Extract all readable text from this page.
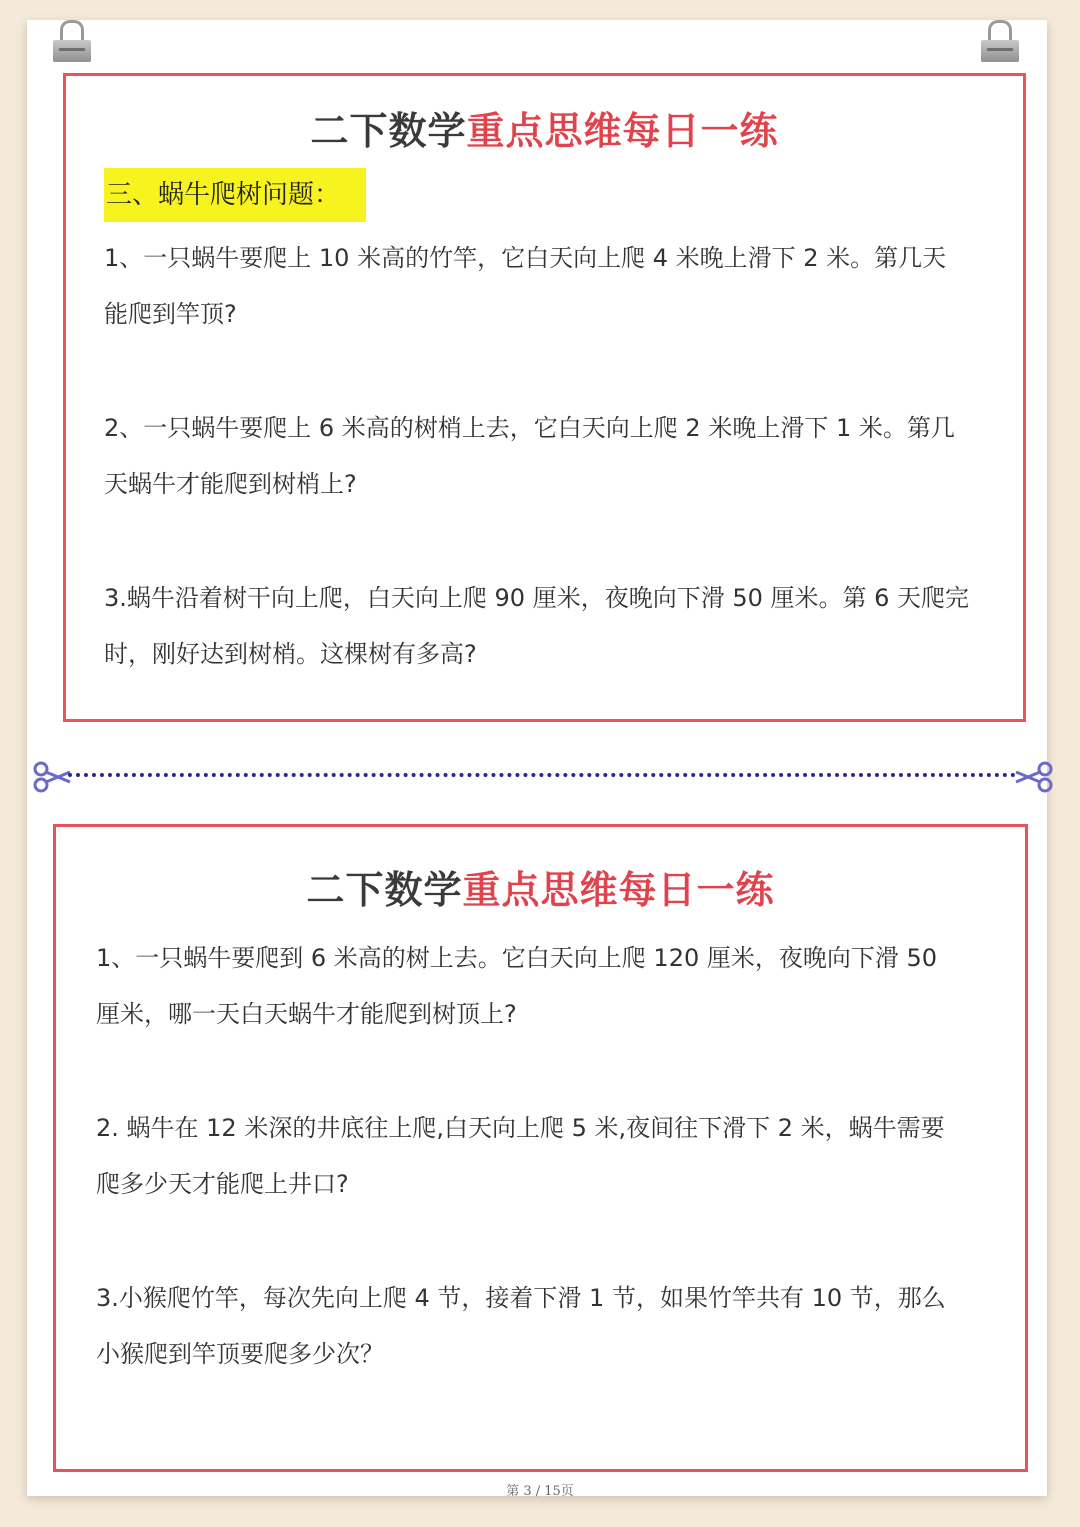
二下数学重点思维每日一练
三、蜗牛爬树问题：

1、一只蜗牛要爬上 10 米高的竹竿，它白天向上爬 4 米晚上滑下 2 米。第几天

能爬到竿顶?

2、一只蜗牛要爬上 6 米高的树梢上去，它白天向上爬 2 米晚上滑下 1 米。第几

天蜗牛才能爬到树梢上?

3.蜗牛沿着树干向上爬，白天向上爬 90 厘米，夜晚向下滑 50 厘米。第 6 天爬完

时，刚好达到树梢。这棵树有多高?

二下数学重点思维每日一练

1、一只蜗牛要爬到 6 米高的树上去。它白天向上爬 120 厘米，夜晚向下滑 50

厘米，哪一天白天蜗牛才能爬到树顶上?

2. 蜗牛在 12 米深的井底往上爬,白天向上爬 5 米,夜间往下滑下 2 米，蜗牛需要

爬多少天才能爬上井口?

3.小猴爬竹竿，每次先向上爬 4 节，接着下滑 1 节，如果竹竿共有 10 节，那么

小猴爬到竿顶要爬多少次？

第 3 / 15页
